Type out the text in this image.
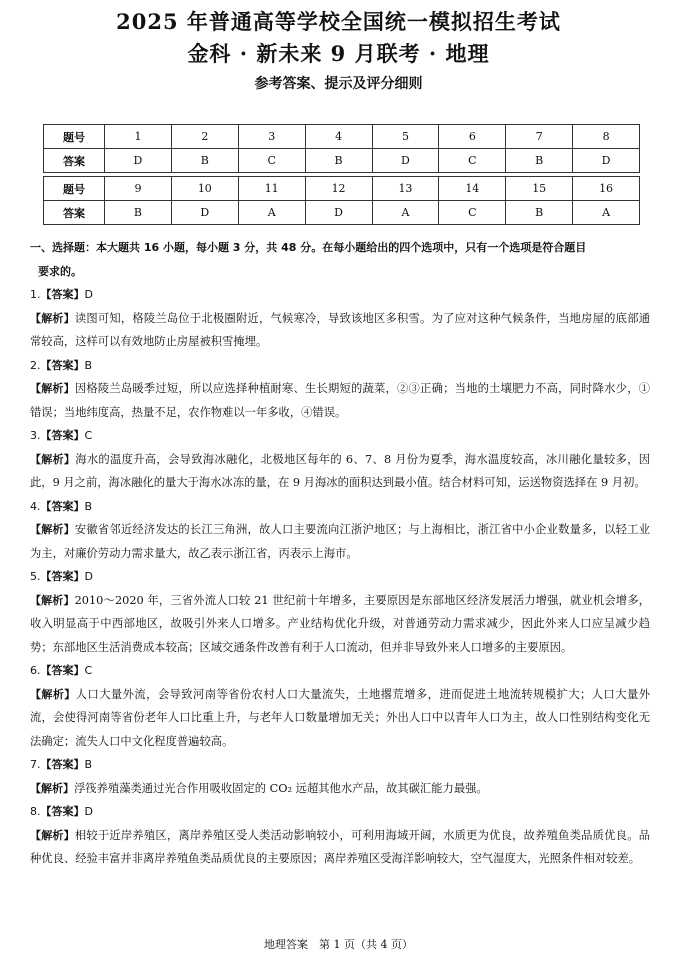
2025 年普通高等学校全国统一模拟招生考试
金科 · 新未来 9 月联考 · 地理
参考答案、提示及评分细则
题号	1	2	3	4	5	6	7	8
答案	D	B	C	B	D	C	B	D
题号	9	10	11	12	13	14	15	16
答案	B	D	A	D	A	C	B	A

一、选择题：本大题共 16 小题，每小题 3 分，共 48 分。在每小题给出的四个选项中，只有一个选项是符合题目
要求的。

1.【答案】D

【解析】读图可知，格陵兰岛位于北极圈附近，气候寒冷，导致该地区多积雪。为了应对这种气候条件，当地房屋的底部通常较高，这样可以有效地防止房屋被积雪掩埋。

2.【答案】B

【解析】因格陵兰岛暖季过短，所以应选择种植耐寒、生长期短的蔬菜，②③正确；当地的土壤肥力不高，同时降水少，①错误；当地纬度高，热量不足，农作物难以一年多收，④错误。

3.【答案】C

【解析】海水的温度升高，会导致海冰融化，北极地区每年的 6、7、8 月份为夏季，海水温度较高，冰川融化量较多，因此，9 月之前，海冰融化的量大于海水冰冻的量，在 9 月海冰的面积达到最小值。结合材料可知，运送物资选择在 9 月初。

4.【答案】B

【解析】安徽省邻近经济发达的长江三角洲，故人口主要流向江浙沪地区；与上海相比，浙江省中小企业数量多，以轻工业为主，对廉价劳动力需求量大，故乙表示浙江省，丙表示上海市。

5.【答案】D

【解析】2010～2020 年，三省外流人口较 21 世纪前十年增多，主要原因是东部地区经济发展活力增强，就业机会增多，收入明显高于中西部地区，故吸引外来人口增多。产业结构优化升级，对普通劳动力需求减少，因此外来人口应呈减少趋势；东部地区生活消费成本较高；区域交通条件改善有利于人口流动，但并非导致外来人口增多的主要原因。

6.【答案】C

【解析】人口大量外流，会导致河南等省份农村人口大量流失，土地撂荒增多，进而促进土地流转规模扩大；人口大量外流，会使得河南等省份老年人口比重上升，与老年人口数量增加无关；外出人口中以青年人口为主，故人口性别结构变化无法确定；流失人口中文化程度普遍较高。

7.【答案】B

【解析】浮筏养殖藻类通过光合作用吸收固定的 CO₂ 远超其他水产品，故其碳汇能力最强。

8.【答案】D

【解析】相较于近岸养殖区，离岸养殖区受人类活动影响较小，可利用海域开阔，水质更为优良，故养殖鱼类品质优良。品种优良、经验丰富并非离岸养殖鱼类品质优良的主要原因；离岸养殖区受海洋影响较大，空气湿度大，光照条件相对较差。

地理答案　第 1 页（共 4 页）
